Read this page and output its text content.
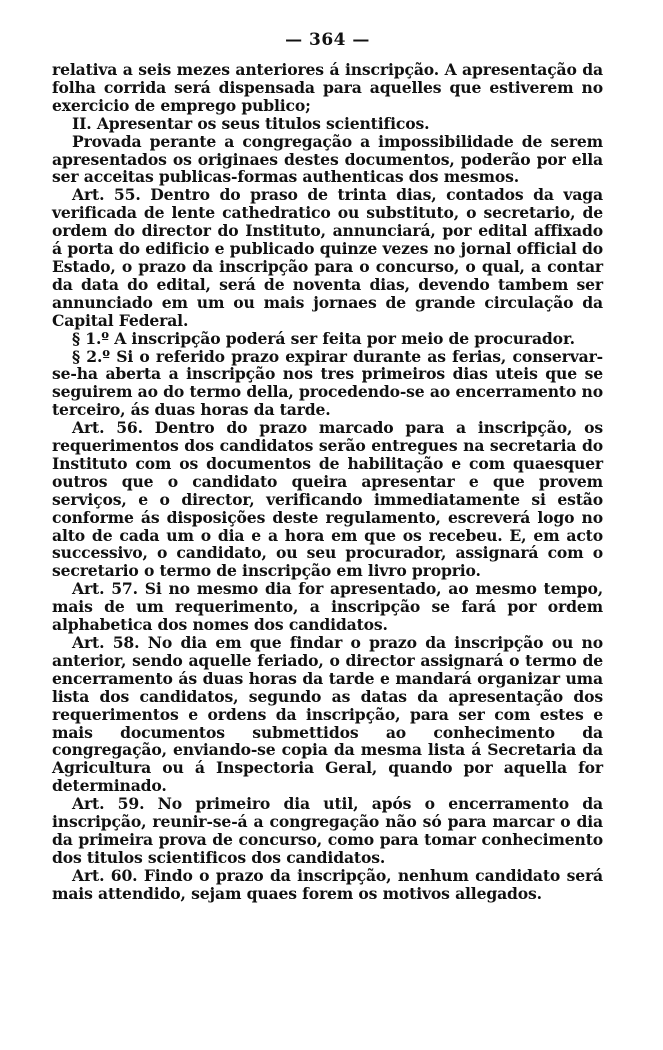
— 364 —

relativa a seis mezes anteriores á inscripção. A apresentação da folha corrida será dispensada para aquelles que estiverem no exercicio de emprego publico;

II. Apresentar os seus titulos scientificos.

Provada perante a congregação a impossibilidade de serem apresentados os originaes destes documentos, poderão por ella ser acceitas publicas-formas authenticas dos mesmos.

Art. 55. Dentro do praso de trinta dias, contados da vaga verificada de lente cathedratico ou substituto, o secretario, de ordem do director do Instituto, annunciará, por edital affixado á porta do edificio e publicado quinze vezes no jornal official do Estado, o prazo da inscripção para o concurso, o qual, a contar da data do edital, será de noventa dias, devendo tambem ser annunciado em um ou mais jornaes de grande circulação da Capital Federal.

§ 1.º A inscripção poderá ser feita por meio de procurador.

§ 2.º Si o referido prazo expirar durante as ferias, conservar-se-ha aberta a inscripção nos tres primeiros dias uteis que se seguirem ao do termo della, procedendo-se ao encerramento no terceiro, ás duas horas da tarde.

Art. 56. Dentro do prazo marcado para a inscripção, os requerimentos dos candidatos serão entregues na secretaria do Instituto com os documentos de habilitação e com quaesquer outros que o candidato queira apresentar e que provem serviços, e o director, verificando immediatamente si estão conforme ás disposições deste regulamento, escreverá logo no alto de cada um o dia e a hora em que os recebeu. E, em acto successivo, o candidato, ou seu procurador, assignará com o secretario o termo de inscripção em livro proprio.

Art. 57. Si no mesmo dia for apresentado, ao mesmo tempo, mais de um requerimento, a inscripção se fará por ordem alphabetica dos nomes dos candidatos.

Art. 58. No dia em que findar o prazo da inscripção ou no anterior, sendo aquelle feriado, o director assignará o termo de encerramento ás duas horas da tarde e mandará organizar uma lista dos candidatos, segundo as datas da apresentação dos requerimentos e ordens da inscripção, para ser com estes e mais documentos submettidos ao conhecimento da congregação, enviando-se copia da mesma lista á Secretaria da Agricultura ou á Inspectoria Geral, quando por aquella for determinado.

Art. 59. No primeiro dia util, após o encerramento da inscripção, reunir-se-á a congregação não só para marcar o dia da primeira prova de concurso, como para tomar conhecimento dos titulos scientificos dos candidatos.

Art. 60. Findo o prazo da inscripção, nenhum candidato será mais attendido, sejam quaes forem os motivos allegados.
